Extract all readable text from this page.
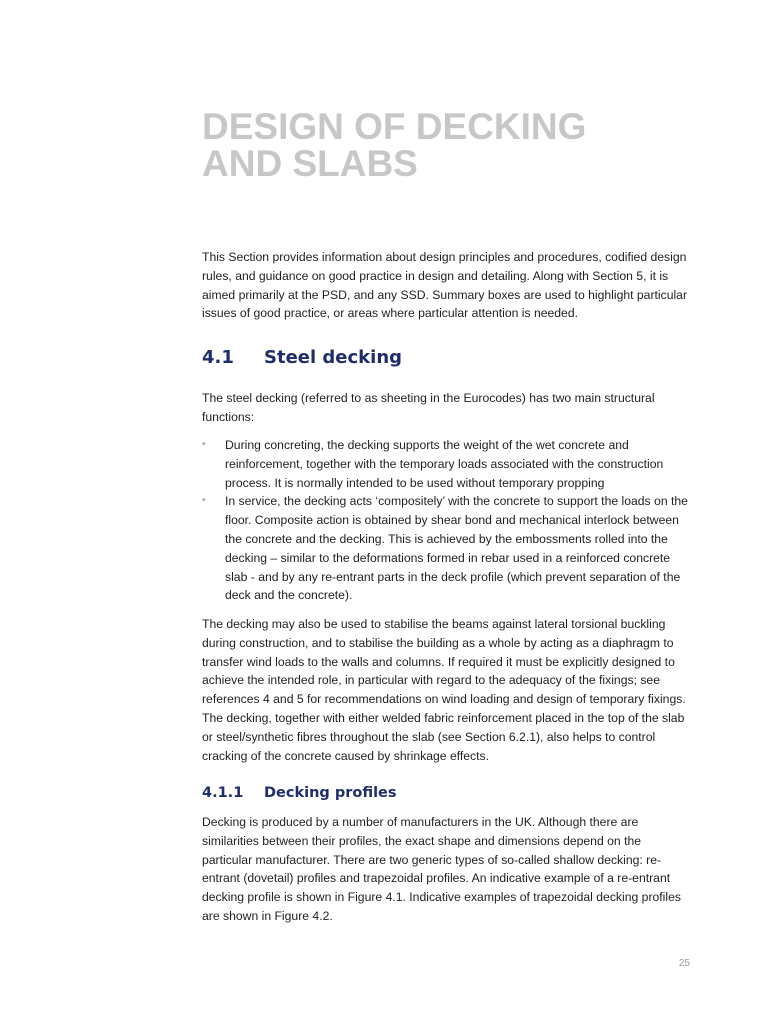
DESIGN OF DECKING
AND SLABS

This Section provides information about design principles and procedures, codified design rules, and guidance on good practice in design and detailing. Along with Section 5, it is aimed primarily at the PSD, and any SSD. Summary boxes are used to highlight particular issues of good practice, or areas where particular attention is needed.

4.1	Steel decking

The steel decking (referred to as sheeting in the Eurocodes) has two main structural functions:

• During concreting, the decking supports the weight of the wet concrete and reinforcement, together with the temporary loads associated with the construction process. It is normally intended to be used without temporary propping
• In service, the decking acts ‘compositely’ with the concrete to support the loads on the floor. Composite action is obtained by shear bond and mechanical interlock between the concrete and the decking. This is achieved by the embossments rolled into the decking – similar to the deformations formed in rebar used in a reinforced concrete slab - and by any re-entrant parts in the deck profile (which prevent separation of the deck and the concrete).

The decking may also be used to stabilise the beams against lateral torsional buckling during construction, and to stabilise the building as a whole by acting as a diaphragm to transfer wind loads to the walls and columns. If required it must be explicitly designed to achieve the intended role, in particular with regard to the adequacy of the fixings; see references 4 and 5 for recommendations on wind loading and design of temporary fixings. The decking, together with either welded fabric reinforcement placed in the top of the slab or steel/synthetic fibres throughout the slab (see Section 6.2.1), also helps to control cracking of the concrete caused by shrinkage effects.

4.1.1	Decking profiles

Decking is produced by a number of manufacturers in the UK. Although there are similarities between their profiles, the exact shape and dimensions depend on the particular manufacturer. There are two generic types of so-called shallow decking: re-entrant (dovetail) profiles and trapezoidal profiles. An indicative example of a re-entrant decking profile is shown in Figure 4.1. Indicative examples of trapezoidal decking profiles are shown in Figure 4.2.

25
